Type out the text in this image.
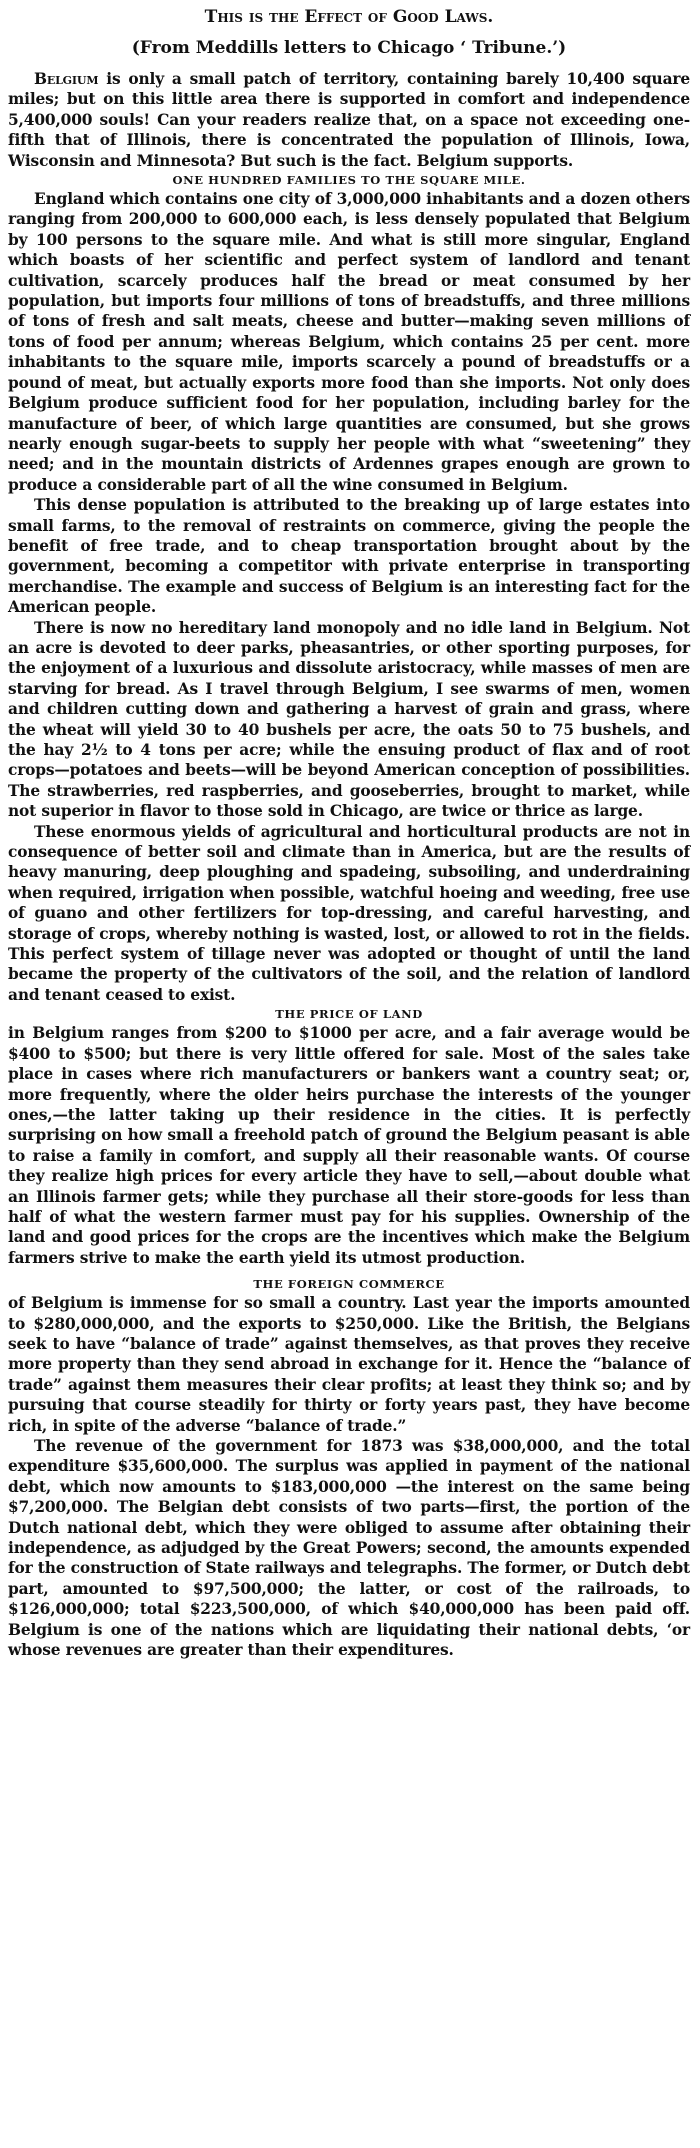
This is the Effect of Good Laws.
(From Meddills letters to Chicago ‘ Tribune.’)

Belgium is only a small patch of territory, containing barely 10,400 square miles; but on this little area there is supported in comfort and independence 5,400,000 souls! Can your readers realize that, on a space not exceeding one-fifth that of Illinois, there is concentrated the population of Illinois, Iowa, Wisconsin and Minnesota? But such is the fact. Belgium supports.

ONE HUNDRED FAMILIES TO THE SQUARE MILE.

England which contains one city of 3,000,000 inhabitants and a dozen others ranging from 200,000 to 600,000 each, is less densely populated that Belgium by 100 persons to the square mile. And what is still more singular, England which boasts of her scientific and perfect system of landlord and tenant cultivation, scarcely produces half the bread or meat consumed by her population, but imports four millions of tons of breadstuffs, and three millions of tons of fresh and salt meats, cheese and butter—making seven millions of tons of food per annum; whereas Belgium, which contains 25 per cent. more inhabitants to the square mile, imports scarcely a pound of breadstuffs or a pound of meat, but actually exports more food than she imports. Not only does Belgium produce sufficient food for her population, including barley for the manufacture of beer, of which large quantities are consumed, but she grows nearly enough sugar-beets to supply her people with what “sweetening” they need; and in the mountain districts of Ardennes grapes enough are grown to produce a considerable part of all the wine consumed in Belgium.

This dense population is attributed to the breaking up of large estates into small farms, to the removal of restraints on commerce, giving the people the benefit of free trade, and to cheap transportation brought about by the government, becoming a competitor with private enterprise in transporting merchandise. The example and success of Belgium is an interesting fact for the American people.

There is now no hereditary land monopoly and no idle land in Belgium. Not an acre is devoted to deer parks, pheasantries, or other sporting purposes, for the enjoyment of a luxurious and dissolute aristocracy, while masses of men are starving for bread. As I travel through Belgium, I see swarms of men, women and children cutting down and gathering a harvest of grain and grass, where the wheat will yield 30 to 40 bushels per acre, the oats 50 to 75 bushels, and the hay 2½ to 4 tons per acre; while the ensuing product of flax and of root crops—potatoes and beets—will be beyond American conception of possibilities. The strawberries, red raspberries, and gooseberries, brought to market, while not superior in flavor to those sold in Chicago, are twice or thrice as large.

These enormous yields of agricultural and horticultural products are not in consequence of better soil and climate than in America, but are the results of heavy manuring, deep ploughing and spadeing, subsoiling, and underdraining when required, irrigation when possible, watchful hoeing and weeding, free use of guano and other fertilizers for top-dressing, and careful harvesting, and storage of crops, whereby nothing is wasted, lost, or allowed to rot in the fields. This perfect system of tillage never was adopted or thought of until the land became the property of the cultivators of the soil, and the relation of landlord and tenant ceased to exist.

THE PRICE OF LAND

in Belgium ranges from $200 to $1000 per acre, and a fair average would be $400 to $500; but there is very little offered for sale. Most of the sales take place in cases where rich manufacturers or bankers want a country seat; or, more frequently, where the older heirs purchase the interests of the younger ones,—the latter taking up their residence in the cities. It is perfectly surprising on how small a freehold patch of ground the Belgium peasant is able to raise a family in comfort, and supply all their reasonable wants. Of course they realize high prices for every article they have to sell,—about double what an Illinois farmer gets; while they purchase all their store-goods for less than half of what the western farmer must pay for his supplies. Ownership of the land and good prices for the crops are the incentives which make the Belgium farmers strive to make the earth yield its utmost production.

THE FOREIGN COMMERCE

of Belgium is immense for so small a country. Last year the imports amounted to $280,000,000, and the exports to $250,000. Like the British, the Belgians seek to have “balance of trade” against themselves, as that proves they receive more property than they send abroad in exchange for it. Hence the “balance of trade” against them measures their clear profits; at least they think so; and by pursuing that course steadily for thirty or forty years past, they have become rich, in spite of the adverse “balance of trade.”

The revenue of the government for 1873 was $38,000,000, and the total expenditure $35,600,000. The surplus was applied in payment of the national debt, which now amounts to $183,000,000 —the interest on the same being $7,200,000. The Belgian debt consists of two parts—first, the portion of the Dutch national debt, which they were obliged to assume after obtaining their independence, as adjudged by the Great Powers; second, the amounts expended for the construction of State railways and telegraphs. The former, or Dutch debt part, amounted to $97,500,000; the latter, or cost of the railroads, to $126,000,000; total $223,500,000, of which $40,000,000 has been paid off. Belgium is one of the nations which are liquidating their national debts, ‘or whose revenues are greater than their expenditures.
